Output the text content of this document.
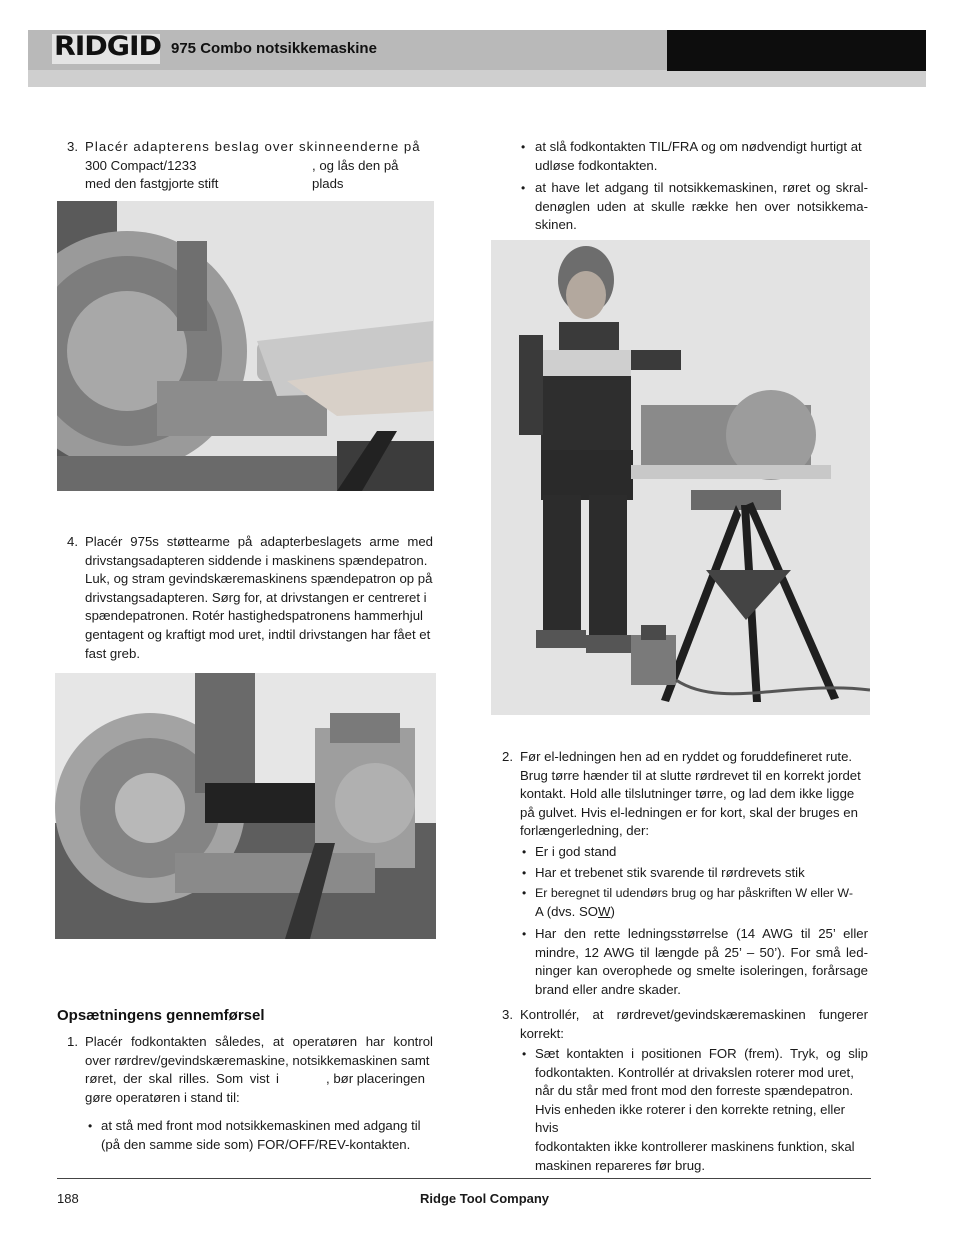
RIDGID 975 Combo notsikkemaskine
3. Placér adapterens beslag over skinneenderne på
300 Compact/1233	, og lås den på plads
med den fastgjorte stift
4. Placér 975s støttearme på adapterbeslagets arme med
drivstangsadapteren siddende i maskinens spændepatron.
Luk, og stram gevindskæremaskinens spændepatron op på
drivstangsadapteren. Sørg for, at drivstangen er centreret i
spændepatronen. Rotér hastighedspatronens hammerhjul
gentagent og kraftigt mod uret, indtil drivstangen har fået et
fast greb.
Opsætningens gennemførsel
1. Placér fodkontakten således, at operatøren har kontrol
over rørdrev/gevindskæremaskine, notsikkemaskinen samt
røret, der skal rilles. Som vist i	, bør placeringen
gøre operatøren i stand til:
• at stå med front mod notsikkemaskinen med adgang til
(på den samme side som) FOR/OFF/REV-kontakten.
• at slå fodkontakten TIL/FRA og om nødvendigt hurtigt at
udløse fodkontakten.
• at have let adgang til notsikkemaskinen, røret og skral-
denøglen uden at skulle række hen over notsikkema-
skinen.
2. Før el-ledningen hen ad en ryddet og foruddefineret rute.
Brug tørre hænder til at slutte rørdrevet til en korrekt jordet
kontakt. Hold alle tilslutninger tørre, og lad dem ikke ligge
på gulvet. Hvis el-ledningen er for kort, skal der bruges en
forlængerledning, der:
• Er i god stand
• Har et trebenet stik svarende til rørdrevets stik
• Er beregnet til udendørs brug og har påskriften W eller W-
A (dvs. SOW)
• Har den rette ledningsstørrelse (14 AWG til 25’ eller
mindre, 12 AWG til længde på 25’ – 50’). For små led-
ninger kan overophede og smelte isoleringen, forårsage
brand eller andre skader.
3. Kontrollér, at rørdrevet/gevindskæremaskinen fungerer
korrekt:
• Sæt kontakten i positionen FOR (frem). Tryk, og slip
fodkontakten. Kontrollér at drivakslen roterer mod uret,
når du står med front mod den forreste spændepatron.
Hvis enheden ikke roterer i den korrekte retning, eller hvis
fodkontakten ikke kontrollerer maskinens funktion, skal
maskinen repareres før brug.
188	Ridge Tool Company
